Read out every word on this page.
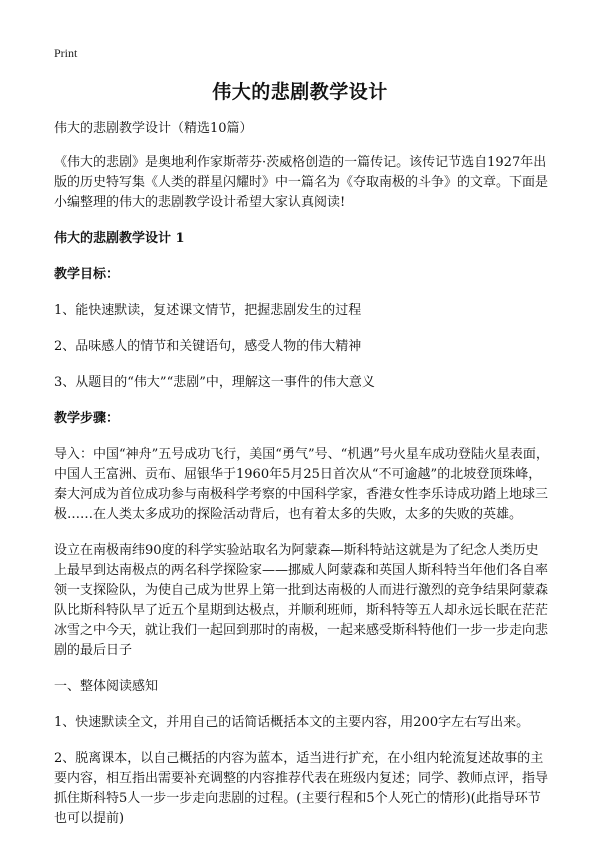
Print
伟大的悲剧教学设计

伟大的悲剧教学设计（精选10篇）

《伟大的悲剧》是奥地利作家斯蒂芬·茨威格创造的一篇传记。该传记节选自1927年出版的历史特写集《人类的群星闪耀时》中一篇名为《夺取南极的斗争》的文章。下面是小编整理的伟大的悲剧教学设计希望大家认真阅读!

伟大的悲剧教学设计 1

教学目标：

1、能快速默读，复述课文情节，把握悲剧发生的过程

2、品味感人的情节和关键语句，感受人物的伟大精神

3、从题目的“伟大”“悲剧”中，理解这一事件的伟大意义

教学步骤：

导入：中国“神舟”五号成功飞行，美国“勇气”号、“机遇”号火星车成功登陆火星表面，中国人王富洲、贡布、屈银华于1960年5月25日首次从“不可逾越”的北坡登顶珠峰，秦大河成为首位成功参与南极科学考察的中国科学家，香港女性李乐诗成功踏上地球三极……在人类太多成功的探险活动背后，也有着太多的失败，太多的失败的英雄。

设立在南极南纬90度的科学实验站取名为阿蒙森—斯科特站这就是为了纪念人类历史上最早到达南极点的两名科学探险家——挪威人阿蒙森和英国人斯科特当年他们各自率领一支探险队，为使自己成为世界上第一批到达南极的人而进行激烈的竞争结果阿蒙森队比斯科特队早了近五个星期到达极点，并顺利班师，斯科特等五人却永远长眠在茫茫冰雪之中今天，就让我们一起回到那时的南极，一起来感受斯科特他们一步一步走向悲剧的最后日子

一、整体阅读感知

1、快速默读全文，并用自己的话简话概括本文的主要内容，用200字左右写出来。

2、脱离课本，以自己概括的内容为蓝本，适当进行扩充，在小组内轮流复述故事的主要内容，相互指出需要补充调整的内容推荐代表在班级内复述；同学、教师点评，指导抓住斯科特5人一步一步走向悲剧的过程。(主要行程和5个人死亡的情形)(此指导环节也可以提前)
